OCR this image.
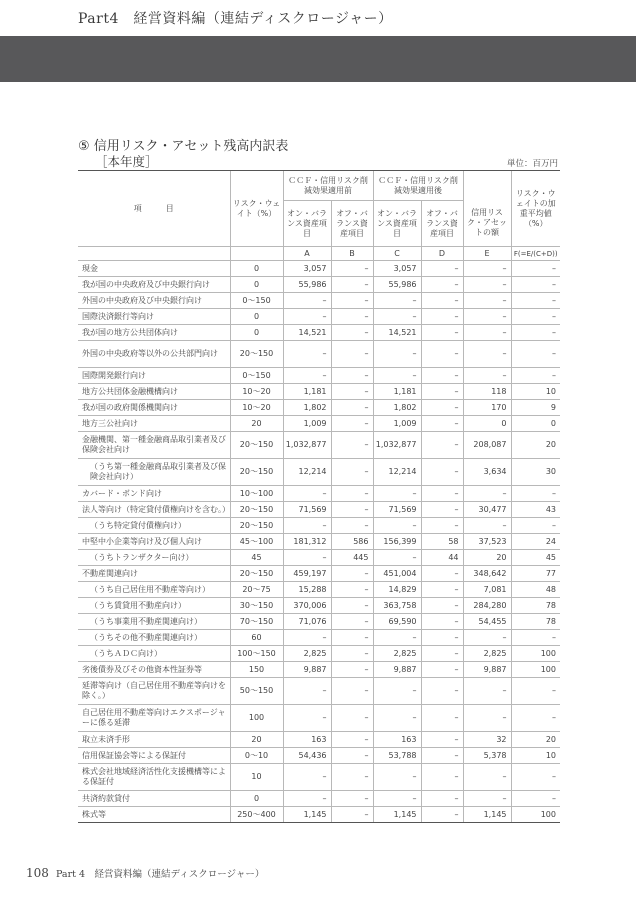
Part4　経営資料編（連結ディスクロージャー）
⑤ 信用リスク・アセット残高内訳表
［本年度］	単位：百万円
項　　　目	リスク・ウェイト（%）	ＣＣＦ・信用リスク削減効果適用前		ＣＣＦ・信用リスク削減効果適用後			リスク・ウェイトの加重平均値（%）
		オン・バランス資産項目	オフ・バランス資産項目	オン・バランス資産項目	オフ・バランス資産項目	信用リスク・アセットの額	
		A	B	C	D	E	F(=E/(C+D))
現金	0	3,057	–	3,057	–	–	–
我が国の中央政府及び中央銀行向け	0	55,986	–	55,986	–	–	–
外国の中央政府及び中央銀行向け	0〜150	–	–	–	–	–	–
国際決済銀行等向け	0	–	–	–	–	–	–
我が国の地方公共団体向け	0	14,521	–	14,521	–	–	–
外国の中央政府等以外の公共部門向け	20〜150	–	–	–	–	–	–
国際開発銀行向け	0〜150	–	–	–	–	–	–
地方公共団体金融機構向け	10〜20	1,181	–	1,181	–	118	10
我が国の政府関係機関向け	10〜20	1,802	–	1,802	–	170	9
地方三公社向け	20	1,009	–	1,009	–	0	0
金融機関、第一種金融商品取引業者及び保険会社向け	20〜150	1,032,877	–	1,032,877	–	208,087	20
（うち第一種金融商品取引業者及び保険会社向け）	20〜150	12,214	–	12,214	–	3,634	30
カバード・ボンド向け	10〜100	–	–	–	–	–	–
法人等向け（特定貸付債権向けを含む。）	20〜150	71,569	–	71,569	–	30,477	43
（うち特定貸付債権向け）	20〜150	–	–	–	–	–	–
中堅中小企業等向け及び個人向け	45〜100	181,312	586	156,399	58	37,523	24
（うちトランザクター向け）	45	–	445	–	44	20	45
不動産関連向け	20〜150	459,197	–	451,004	–	348,642	77
（うち自己居住用不動産等向け）	20〜75	15,288	–	14,829	–	7,081	48
（うち賃貸用不動産向け）	30〜150	370,006	–	363,758	–	284,280	78
（うち事業用不動産関連向け）	70〜150	71,076	–	69,590	–	54,455	78
（うちその他不動産関連向け）	60	–	–	–	–	–	–
（うちＡＤＣ向け）	100〜150	2,825	–	2,825	–	2,825	100
劣後債券及びその他資本性証券等	150	9,887	–	9,887	–	9,887	100
延滞等向け（自己居住用不動産等向けを除く。）	50〜150	–	–	–	–	–	–
自己居住用不動産等向けエクスポージャーに係る延滞	100	–	–	–	–	–	–
取立未済手形	20	163	–	163	–	32	20
信用保証協会等による保証付	0〜10	54,436	–	53,788	–	5,378	10
株式会社地域経済活性化支援機構等による保証付	10	–	–	–	–	–	–
共済約款貸付	0	–	–	–	–	–	–
株式等	250〜400	1,145	–	1,145	–	1,145	100
108 Part 4　経営資料編（連結ディスクロージャー）
